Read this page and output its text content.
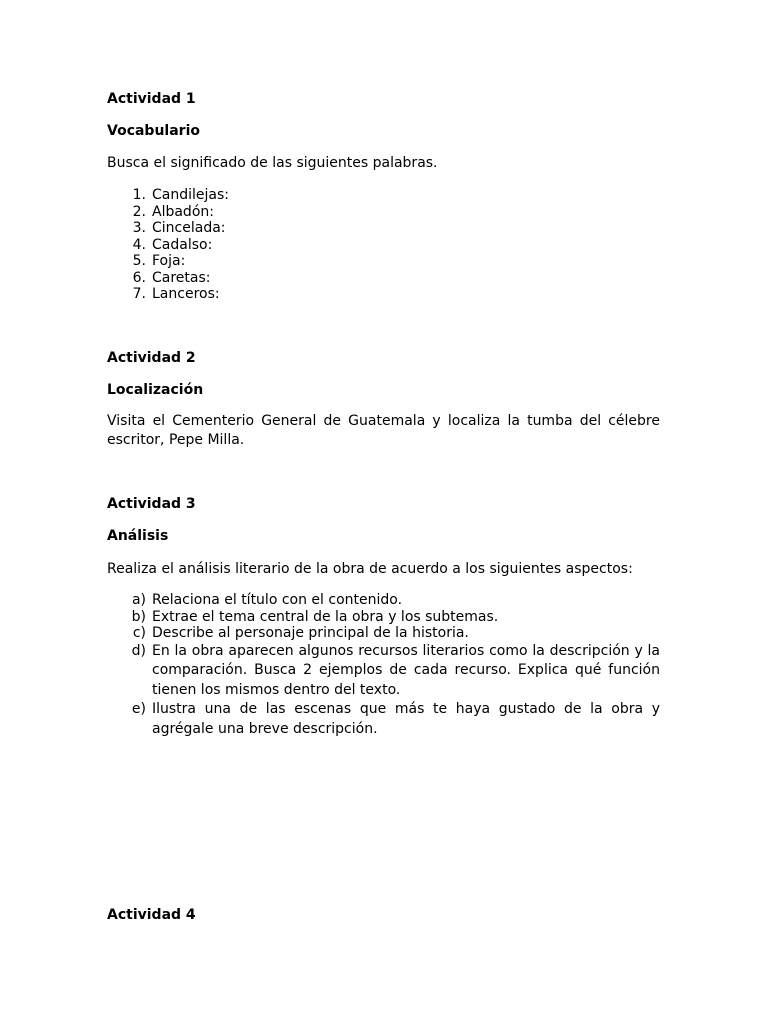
Actividad 1
Vocabulario
Busca el significado de las siguientes palabras.
1. Candilejas:
2. Albadón:
3. Cincelada:
4. Cadalso:
5. Foja:
6. Caretas:
7. Lanceros:
Actividad 2
Localización
Visita el Cementerio General de Guatemala y localiza la tumba del célebre escritor, Pepe Milla.
Actividad 3
Análisis
Realiza el análisis literario de la obra de acuerdo a los siguientes aspectos:
a) Relaciona el título con el contenido.
b) Extrae el tema central de la obra y los subtemas.
c) Describe al personaje principal de la historia.
d) En la obra aparecen algunos recursos literarios como la descripción y la comparación. Busca 2 ejemplos de cada recurso. Explica qué función tienen los mismos dentro del texto.
e) Ilustra una de las escenas que más te haya gustado de la obra y agrégale una breve descripción.
Actividad 4
